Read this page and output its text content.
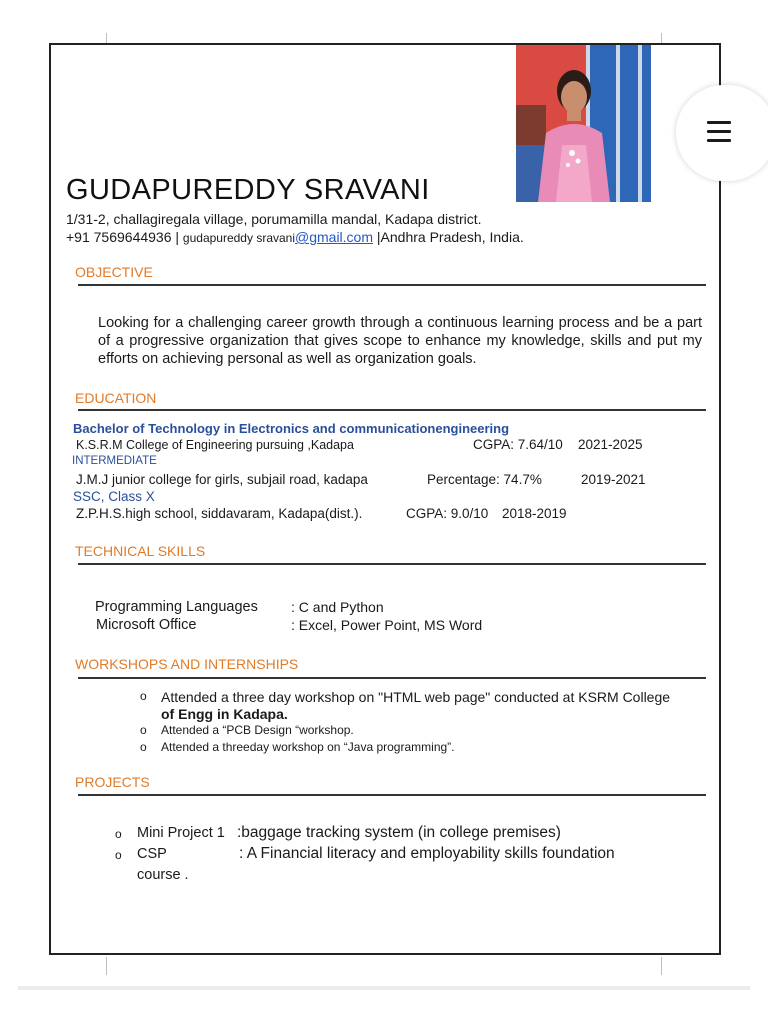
GUDAPUREDDY SRAVANI
1/31-2, challagiregala village, porumamilla mandal, Kadapa district.
+91 7569644936 | gudapureddy sravani@gmail.com |Andhra Pradesh, India.
OBJECTIVE
Looking for a challenging career growth through a continuous learning process and be a part of a progressive organization that gives scope to enhance my knowledge, skills and put my efforts on achieving personal as well as organization goals.
EDUCATION
Bachelor of Technology in Electronics and communicationengineering
K.S.R.M College of Engineering pursuing ,Kadapa	CGPA: 7.64/10 2021-2025
INTERMEDIATE
J.M.J junior college for girls, subjail road, kadapa	Percentage: 74.7%	2019-2021
SSC, Class X
Z.P.H.S.high school, siddavaram, Kadapa(dist.).	CGPA: 9.0/10 2018-2019
TECHNICAL SKILLS
Programming Languages : C and Python
Microsoft Office	: Excel, Power Point, MS Word
WORKSHOPS AND INTERNSHIPS
o Attended a three day workshop on "HTML web page" conducted at KSRM College
of Engg in Kadapa.
o Attended a “PCB Design “workshop.
o Attended a threeday workshop on “Java programming”.
PROJECTS
o Mini Project 1 :baggage tracking system (in college premises)
o CSP	: A Financial literacy and employability skills foundation
course .
